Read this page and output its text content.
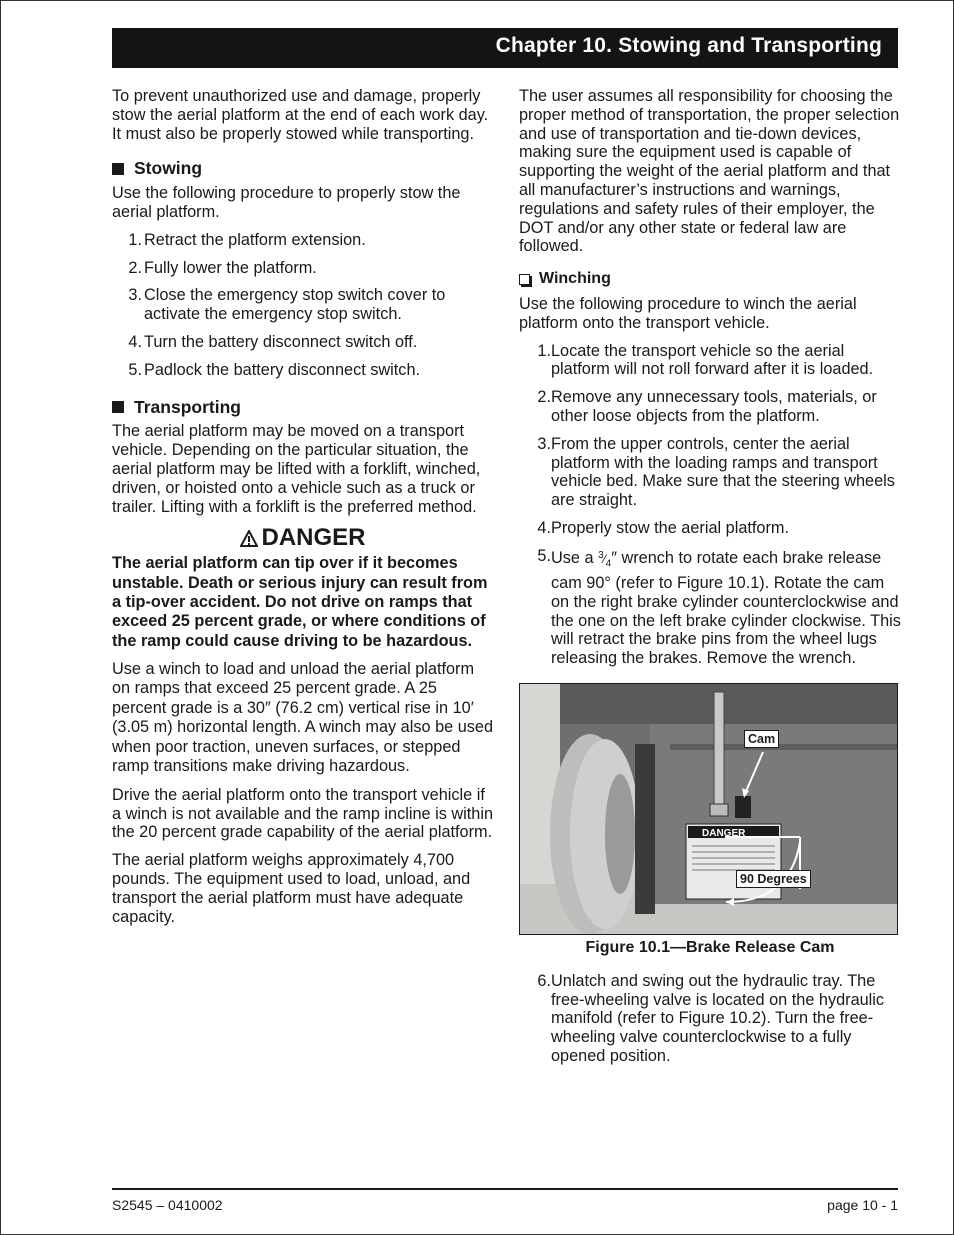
Chapter 10. Stowing and Transporting

To prevent unauthorized use and damage, properly stow the aerial platform at the end of each work day. It must also be properly stowed while transporting.

Stowing

Use the following procedure to properly stow the aerial platform.

1. Retract the platform extension.
2. Fully lower the platform.
3. Close the emergency stop switch cover to activate the emergency stop switch.
4. Turn the battery disconnect switch off.
5. Padlock the battery disconnect switch.
Transporting

The aerial platform may be moved on a transport vehicle. Depending on the particular situation, the aerial platform may be lifted with a forklift, winched, driven, or hoisted onto a vehicle such as a truck or trailer. Lifting with a forklift is the preferred method.

DANGER
The aerial platform can tip over if it becomes unstable. Death or serious injury can result from a tip-over accident. Do not drive on ramps that exceed 25 percent grade, or where conditions of the ramp could cause driving to be hazardous.

Use a winch to load and unload the aerial platform on ramps that exceed 25 percent grade. A 25 percent grade is a 30″ (76.2 cm) vertical rise in 10′ (3.05 m) horizontal length. A winch may also be used when poor traction, uneven surfaces, or stepped ramp transitions make driving hazardous.

Drive the aerial platform onto the transport vehicle if a winch is not available and the ramp incline is within the 20 percent grade capability of the aerial platform.

The aerial platform weighs approximately 4,700 pounds. The equipment used to load, unload, and transport the aerial platform must have adequate capacity.

The user assumes all responsibility for choosing the proper method of transportation, the proper selection and use of transportation and tie-down devices, making sure the equipment used is capable of supporting the weight of the aerial platform and that all manufacturer’s instructions and warnings, regulations and safety rules of their employer, the DOT and/or any other state or federal law are followed.

Winching

Use the following procedure to winch the aerial platform onto the transport vehicle.

1. Locate the transport vehicle so the aerial platform will not roll forward after it is loaded.
2. Remove any unnecessary tools, materials, or other loose objects from the platform.
3. From the upper controls, center the aerial platform with the loading ramps and transport vehicle bed. Make sure that the steering wheels are straight.
4. Properly stow the aerial platform.
5. Use a $^3⁄_4''$ wrench to rotate each brake release cam 90° (refer to Figure 10.1). Rotate the cam on the right brake cylinder counterclockwise and the one on the left brake cylinder clockwise. This will retract the brake pins from the wheel lugs releasing the brakes. Remove the wrench.
DANGER
Cam
90 Degrees
Figure 10.1—Brake Release Cam
6. Unlatch and swing out the hydraulic tray. The free-wheeling valve is located on the hydraulic manifold (refer to Figure 10.2). Turn the free-wheeling valve counterclockwise to a fully opened position.
S2545 – 0410002	page 10 - 1
